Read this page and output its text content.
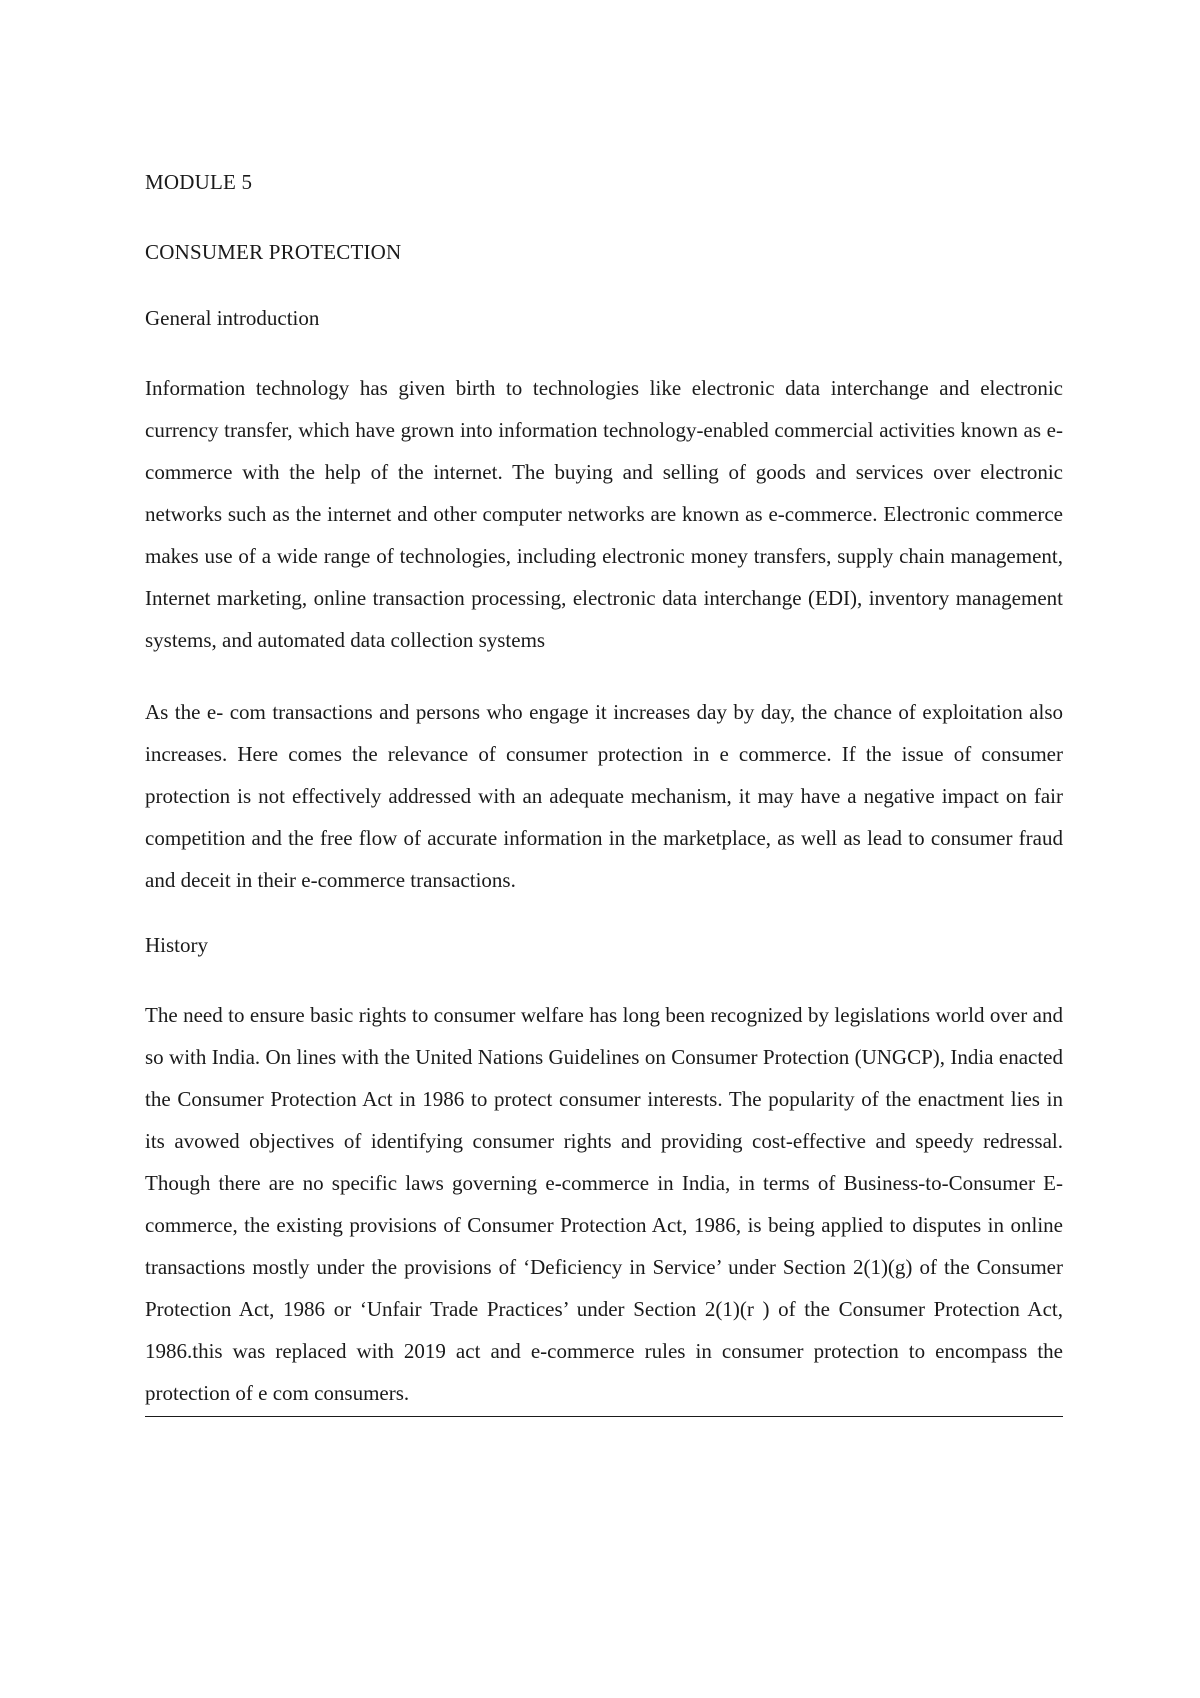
MODULE 5
CONSUMER PROTECTION
General introduction

Information technology has given birth to technologies like electronic data interchange and electronic currency transfer, which have grown into information technology-enabled commercial activities known as e-commerce with the help of the internet. The buying and selling of goods and services over electronic networks such as the internet and other computer networks are known as e-commerce. Electronic commerce makes use of a wide range of technologies, including electronic money transfers, supply chain management, Internet marketing, online transaction processing, electronic data interchange (EDI), inventory management systems, and automated data collection systems

As the e- com transactions and persons who engage it increases day by day, the chance of exploitation also increases. Here comes the relevance of consumer protection in e commerce. If the issue of consumer protection is not effectively addressed with an adequate mechanism, it may have a negative impact on fair competition and the free flow of accurate information in the marketplace, as well as lead to consumer fraud and deceit in their e-commerce transactions.

History

The need to ensure basic rights to consumer welfare has long been recognized by legislations world over and so with India. On lines with the United Nations Guidelines on Consumer Protection (UNGCP), India enacted the Consumer Protection Act in 1986 to protect consumer interests. The popularity of the enactment lies in its avowed objectives of identifying consumer rights and providing cost-effective and speedy redressal. Though there are no specific laws governing e-commerce in India, in terms of Business-to-Consumer E-commerce, the existing provisions of Consumer Protection Act, 1986, is being applied to disputes in online transactions mostly under the provisions of ‘Deficiency in Service’ under Section 2(1)(g) of the Consumer Protection Act, 1986 or ‘Unfair Trade Practices’ under Section 2(1)(r ) of the Consumer Protection Act, 1986.this was replaced with 2019 act and e-commerce rules in consumer protection to encompass the protection of e com consumers.
